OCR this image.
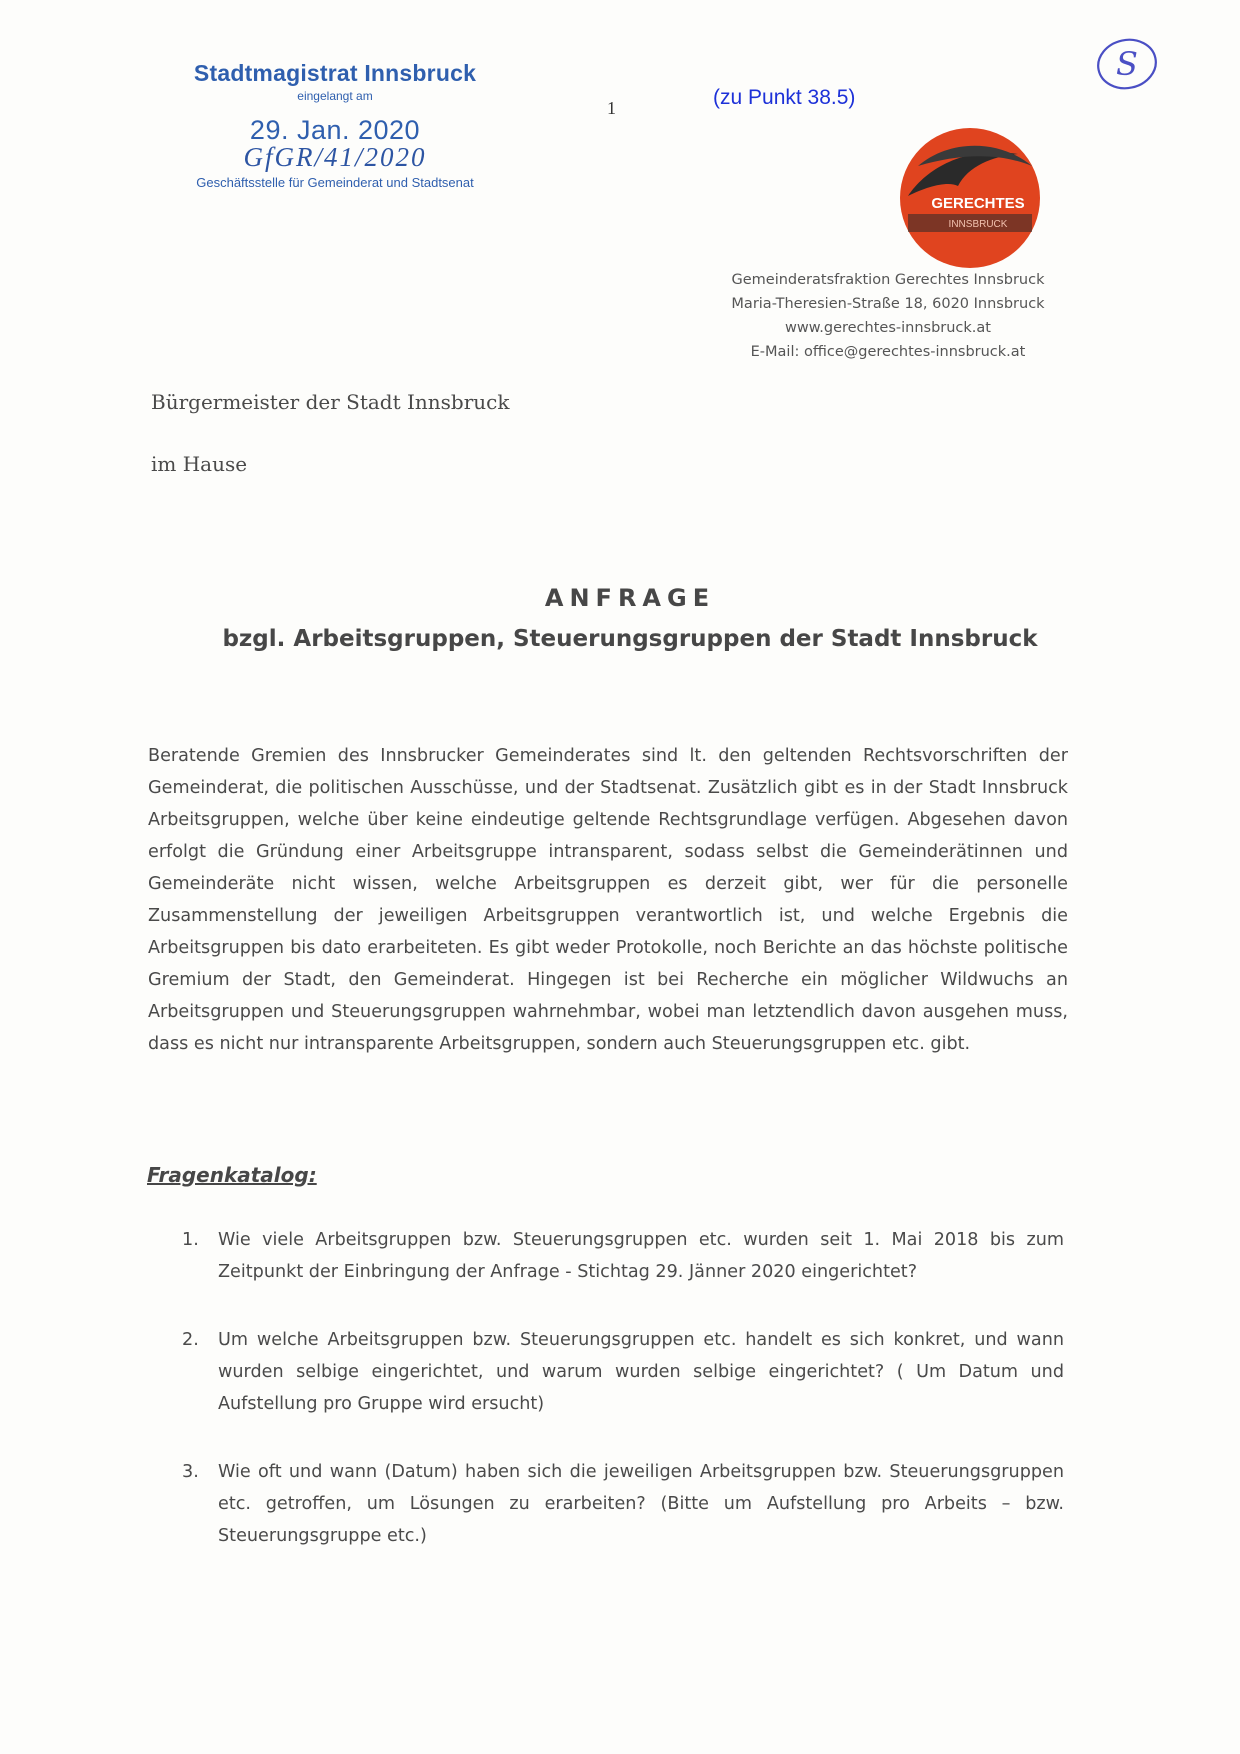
Stadtmagistrat Innsbruck
eingelangt am
29. Jan. 2020
GfGR/41/2020
Geschäftsstelle für Gemeinderat und Stadtsenat
1	(zu Punkt 38.5)
S
GERECHTES
INNSBRUCK
Gemeinderatsfraktion Gerechtes Innsbruck
Maria-Theresien-Straße 18, 6020 Innsbruck
www.gerechtes-innsbruck.at
E-Mail: office@gerechtes-innsbruck.at
Bürgermeister der Stadt Innsbruck
im Hause
ANFRAGE
bzgl. Arbeitsgruppen, Steuerungsgruppen der Stadt Innsbruck
Beratende Gremien des Innsbrucker Gemeinderates sind lt. den geltenden Rechtsvorschriften der Gemeinderat, die politischen Ausschüsse, und der Stadtsenat. Zusätzlich gibt es in der Stadt Innsbruck Arbeitsgruppen, welche über keine eindeutige geltende Rechtsgrundlage verfügen. Abgesehen davon erfolgt die Gründung einer Arbeitsgruppe intransparent, sodass selbst die Gemeinderätinnen und Gemeinderäte nicht wissen, welche Arbeitsgruppen es derzeit gibt, wer für die personelle Zusammenstellung der jeweiligen Arbeitsgruppen verantwortlich ist, und welche Ergebnis die Arbeitsgruppen bis dato erarbeiteten. Es gibt weder Protokolle, noch Berichte an das höchste politische Gremium der Stadt, den Gemeinderat. Hingegen ist bei Recherche ein möglicher Wildwuchs an Arbeitsgruppen und Steuerungsgruppen wahrnehmbar, wobei man letztendlich davon ausgehen muss, dass es nicht nur intransparente Arbeitsgruppen, sondern auch Steuerungsgruppen etc. gibt.
Fragenkatalog:
1. Wie viele Arbeitsgruppen bzw. Steuerungsgruppen etc. wurden seit 1. Mai 2018 bis zum Zeitpunkt der Einbringung der Anfrage - Stichtag 29. Jänner 2020 eingerichtet?
2. Um welche Arbeitsgruppen bzw. Steuerungsgruppen etc. handelt es sich konkret, und wann wurden selbige eingerichtet, und warum wurden selbige eingerichtet? ( Um Datum und Aufstellung pro Gruppe wird ersucht)
3. Wie oft und wann (Datum) haben sich die jeweiligen Arbeitsgruppen bzw. Steuerungsgruppen etc. getroffen, um Lösungen zu erarbeiten? (Bitte um Aufstellung pro Arbeits – bzw. Steuerungsgruppe etc.)
